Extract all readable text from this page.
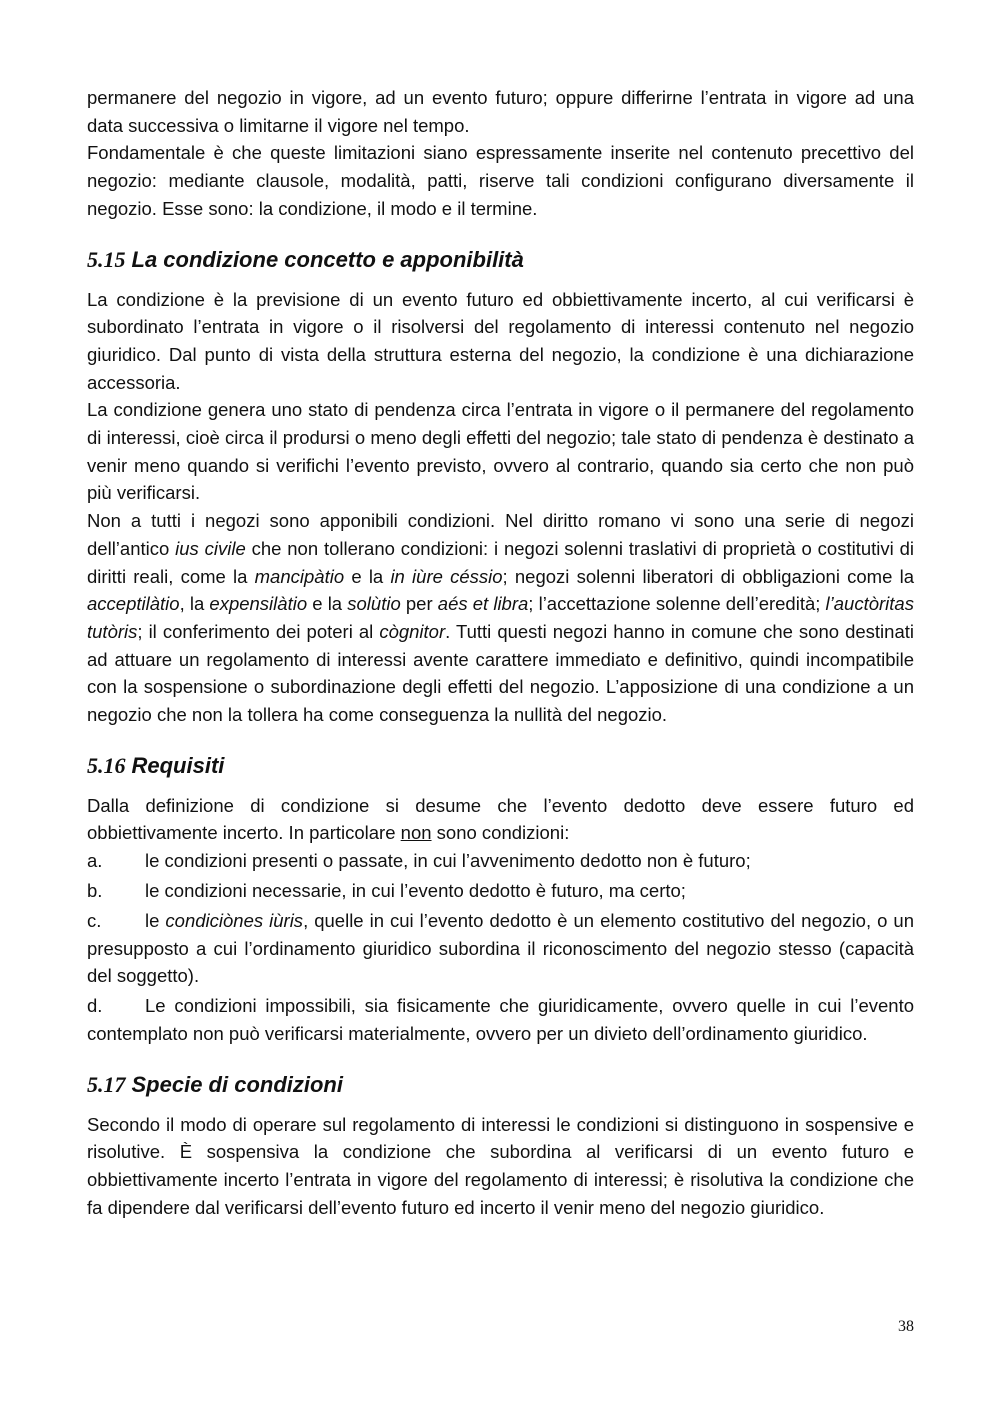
permanere del negozio in vigore, ad un evento futuro; oppure differirne l’entrata in vigore ad una data successiva o limitarne il vigore nel tempo.

Fondamentale è che queste limitazioni siano espressamente inserite nel contenuto precettivo del negozio: mediante clausole, modalità, patti, riserve tali condizioni configurano diversamente il negozio. Esse sono: la condizione, il modo e il termine.

5.15 La condizione concetto e apponibilità

La condizione è la previsione di un evento futuro ed obbiettivamente incerto, al cui verificarsi è subordinato l’entrata in vigore o il risolversi del regolamento di interessi contenuto nel negozio giuridico. Dal punto di vista della struttura esterna del negozio, la condizione è una dichiarazione accessoria.

La condizione genera uno stato di pendenza circa l’entrata in vigore o il permanere del regolamento di interessi, cioè circa il prodursi o meno degli effetti del negozio; tale stato di pendenza è destinato a venir meno quando si verifichi l’evento previsto, ovvero al contrario, quando sia certo che non può più verificarsi.

Non a tutti i negozi sono apponibili condizioni. Nel diritto romano vi sono una serie di negozi dell’antico ius civile che non tollerano condizioni: i negozi solenni traslativi di proprietà o costitutivi di diritti reali, come la mancipàtio e la in iùre céssio; negozi solenni liberatori di obbligazioni come la acceptilàtio, la expensilàtio e la solùtio per aés et libra; l’accettazione solenne dell’eredità; l’auctòritas tutòris; il conferimento dei poteri al cògnitor. Tutti questi negozi hanno in comune che sono destinati ad attuare un regolamento di interessi avente carattere immediato e definitivo, quindi incompatibile con la sospensione o subordinazione degli effetti del negozio. L’apposizione di una condizione a un negozio che non la tollera ha come conseguenza la nullità del negozio.

5.16 Requisiti

Dalla definizione di condizione si desume che l’evento dedotto deve essere futuro ed obbiettivamente incerto. In particolare non sono condizioni:

a. le condizioni presenti o passate, in cui l’avvenimento dedotto non è futuro;

b. le condizioni necessarie, in cui l’evento dedotto è futuro, ma certo;

c. le condiciònes iùris, quelle in cui l’evento dedotto è un elemento costitutivo del negozio, o un presupposto a cui l’ordinamento giuridico subordina il riconoscimento del negozio stesso (capacità del soggetto).

d. Le condizioni impossibili, sia fisicamente che giuridicamente, ovvero quelle in cui l’evento contemplato non può verificarsi materialmente, ovvero per un divieto dell’ordinamento giuridico.

5.17 Specie di condizioni

Secondo il modo di operare sul regolamento di interessi le condizioni si distinguono in sospensive e risolutive. È sospensiva la condizione che subordina al verificarsi di un evento futuro e obbiettivamente incerto l’entrata in vigore del regolamento di interessi; è risolutiva la condizione che fa dipendere dal verificarsi dell’evento futuro ed incerto il venir meno del negozio giuridico.

38
